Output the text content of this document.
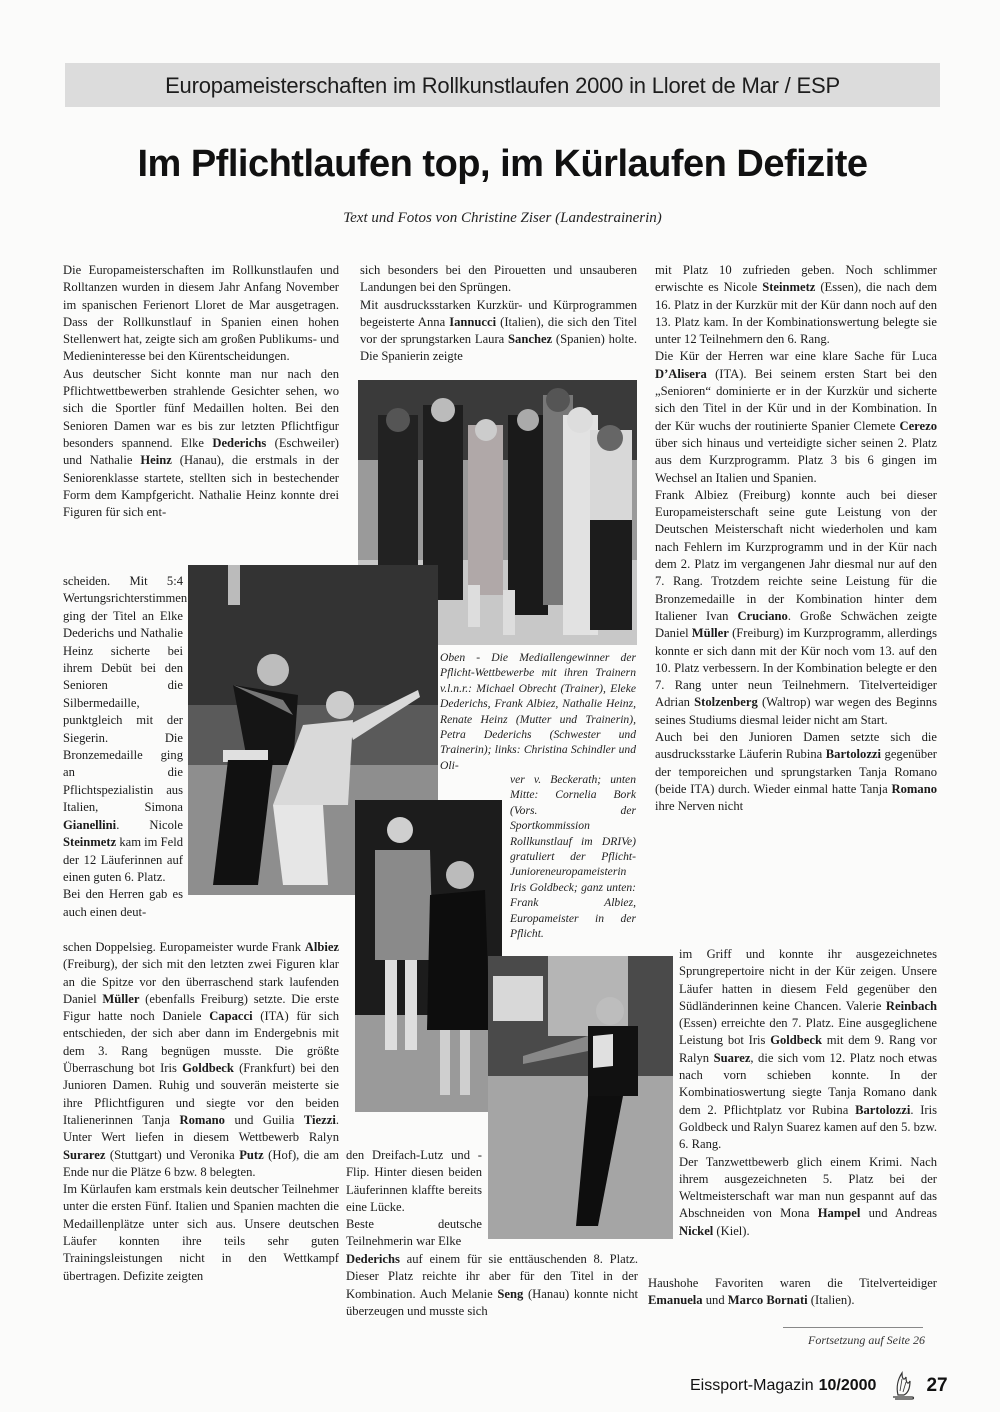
Europameisterschaften im Rollkunstlaufen 2000 in Lloret de Mar / ESP
Im Pflichtlaufen top, im Kürlaufen Defizite
Text und Fotos von Christine Ziser (Landestrainerin)

Die Europameisterschaften im Rollkunstlaufen und Rolltanzen wurden in diesem Jahr Anfang November im spanischen Ferienort Lloret de Mar ausgetragen. Dass der Rollkunstlauf in Spanien einen hohen Stellenwert hat, zeigte sich am großen Publikums- und Medieninteresse bei den Kürentscheidungen.

Aus deutscher Sicht konnte man nur nach den Pflichtwettbewerben strahlende Gesichter sehen, wo sich die Sportler fünf Medaillen holten. Bei den Senioren Damen war es bis zur letzten Pflichtfigur besonders spannend. Elke Dederichs (Eschweiler) und Nathalie Heinz (Hanau), die erstmals in der Seniorenklasse startete, stellten sich in bestechender Form dem Kampfgericht. Nathalie Heinz konnte drei Figuren für sich ent-

scheiden. Mit 5:4 Wertungsrichterstimmen ging der Titel an Elke Dederichs und Nathalie Heinz sicherte bei ihrem Debüt bei den Senioren die Silbermedaille, punktgleich mit der Siegerin. Die Bronzemedaille ging an die Pflichtspezialistin aus Italien, Simona Gianellini. Nicole Steinmetz kam im Feld der 12 Läuferinnen auf einen guten 6. Platz.

Bei den Herren gab es auch einen deut-

schen Doppelsieg. Europameister wurde Frank Albiez (Freiburg), der sich mit den letzten zwei Figuren klar an die Spitze vor den überraschend stark laufenden Daniel Müller (ebenfalls Freiburg) setzte. Die erste Figur hatte noch Daniele Capacci (ITA) für sich entschieden, der sich aber dann im Endergebnis mit dem 3. Rang begnügen musste. Die größte Überraschung bot Iris Goldbeck (Frankfurt) bei den Junioren Damen. Ruhig und souverän meisterte sie ihre Pflichtfiguren und siegte vor den beiden Italienerinnen Tanja Romano und Guilia Tiezzi. Unter Wert liefen in diesem Wettbewerb Ralyn Surarez (Stuttgart) und Veronika Putz (Hof), die am Ende nur die Plätze 6 bzw. 8 belegten.

Im Kürlaufen kam erstmals kein deutscher Teilnehmer unter die ersten Fünf. Italien und Spanien machten die Medaillenplätze unter sich aus. Unsere deutschen Läufer konnten ihre teils sehr guten Trainingsleistungen nicht in den Wettkampf übertragen. Defizite zeigten

sich besonders bei den Pirouetten und unsauberen Landungen bei den Sprüngen.

Mit ausdrucksstarken Kurzkür- und Kürprogrammen begeisterte Anna Iannucci (Italien), die sich den Titel vor der sprungstarken Laura Sanchez (Spanien) holte. Die Spanierin zeigte

Oben - Die Mediallengewinner der Pflicht-Wettbewerbe mit ihren Trainern v.l.n.r.: Michael Obrecht (Trainer), Eleke Dederichs, Frank Albiez, Nathalie Heinz, Renate Heinz (Mutter und Trainerin), Petra Dederichs (Schwester und Trainerin); links: Christina Schindler und Oli-
ver v. Beckerath; unten Mitte: Cornelia Bork (Vors. der Sportkommission Rollkunstlauf im DRIVe) gratuliert der Pflicht-Junioreneuropameisterin Iris Goldbeck; ganz unten: Frank Albiez, Europameister in der Pflicht.

den Dreifach-Lutz und -Flip. Hinter diesen beiden Läuferinnen klaffte bereits eine Lücke.

Beste deutsche Teilnehmerin war Elke

Dederichs auf einem für sie enttäuschenden 8. Platz. Dieser Platz reichte ihr aber für den Titel in der Kombination. Auch Melanie Seng (Hanau) konnte nicht überzeugen und musste sich

mit Platz 10 zufrieden geben. Noch schlimmer erwischte es Nicole Steinmetz (Essen), die nach dem 16. Platz in der Kurzkür mit der Kür dann noch auf den 13. Platz kam. In der Kombinationswertung belegte sie unter 12 Teilnehmern den 6. Rang.

Die Kür der Herren war eine klare Sache für Luca D’Alisera (ITA). Bei seinem ersten Start bei den „Senioren“ dominierte er in der Kurzkür und sicherte sich den Titel in der Kür und in der Kombination. In der Kür wuchs der routinierte Spanier Clemete Cerezo über sich hinaus und verteidigte sicher seinen 2. Platz aus dem Kurzprogramm. Platz 3 bis 6 gingen im Wechsel an Italien und Spanien.

Frank Albiez (Freiburg) konnte auch bei dieser Europameisterschaft seine gute Leistung von der Deutschen Meisterschaft nicht wiederholen und kam nach Fehlern im Kurzprogramm und in der Kür nach dem 2. Platz im vergangenen Jahr diesmal nur auf den 7. Rang. Trotzdem reichte seine Leistung für die Bronzemedaille in der Kombination hinter dem Italiener Ivan Cruciano. Große Schwächen zeigte Daniel Müller (Freiburg) im Kurzprogramm, allerdings konnte er sich dann mit der Kür noch vom 13. auf den 10. Platz verbessern. In der Kombination belegte er den 7. Rang unter neun Teilnehmern. Titelverteidiger Adrian Stolzenberg (Waltrop) war wegen des Beginns seines Studiums diesmal leider nicht am Start.

Auch bei den Junioren Damen setzte sich die ausdrucksstarke Läuferin Rubina Bartolozzi gegenüber der temporeichen und sprungstarken Tanja Romano (beide ITA) durch. Wieder einmal hatte Tanja Romano ihre Nerven nicht

im Griff und konnte ihr ausgezeichnetes Sprungrepertoire nicht in der Kür zeigen. Unsere Läufer hatten in diesem Feld gegenüber den Südländerinnen keine Chancen. Valerie Reinbach (Essen) erreichte den 7. Platz. Eine ausgeglichene Leistung bot Iris Goldbeck mit dem 9. Rang vor Ralyn Suarez, die sich vom 12. Platz noch etwas nach vorn schieben konnte. In der Kombinatioswertung siegte Tanja Romano dank dem 2. Pflichtplatz vor Rubina Bartolozzi. Iris Goldbeck und Ralyn Suarez kamen auf den 5. bzw. 6. Rang.

Der Tanzwettbewerb glich einem Krimi. Nach ihrem ausgezeichneten 5. Platz bei der Weltmeisterschaft war man nun gespannt auf das Abschneiden von Mona Hampel und Andreas Nickel (Kiel).

Haushohe Favoriten waren die Titelverteidiger Emanuela und Marco Bornati (Italien).

Fortsetzung auf Seite 26
Eissport-Magazin 10/2000	27
